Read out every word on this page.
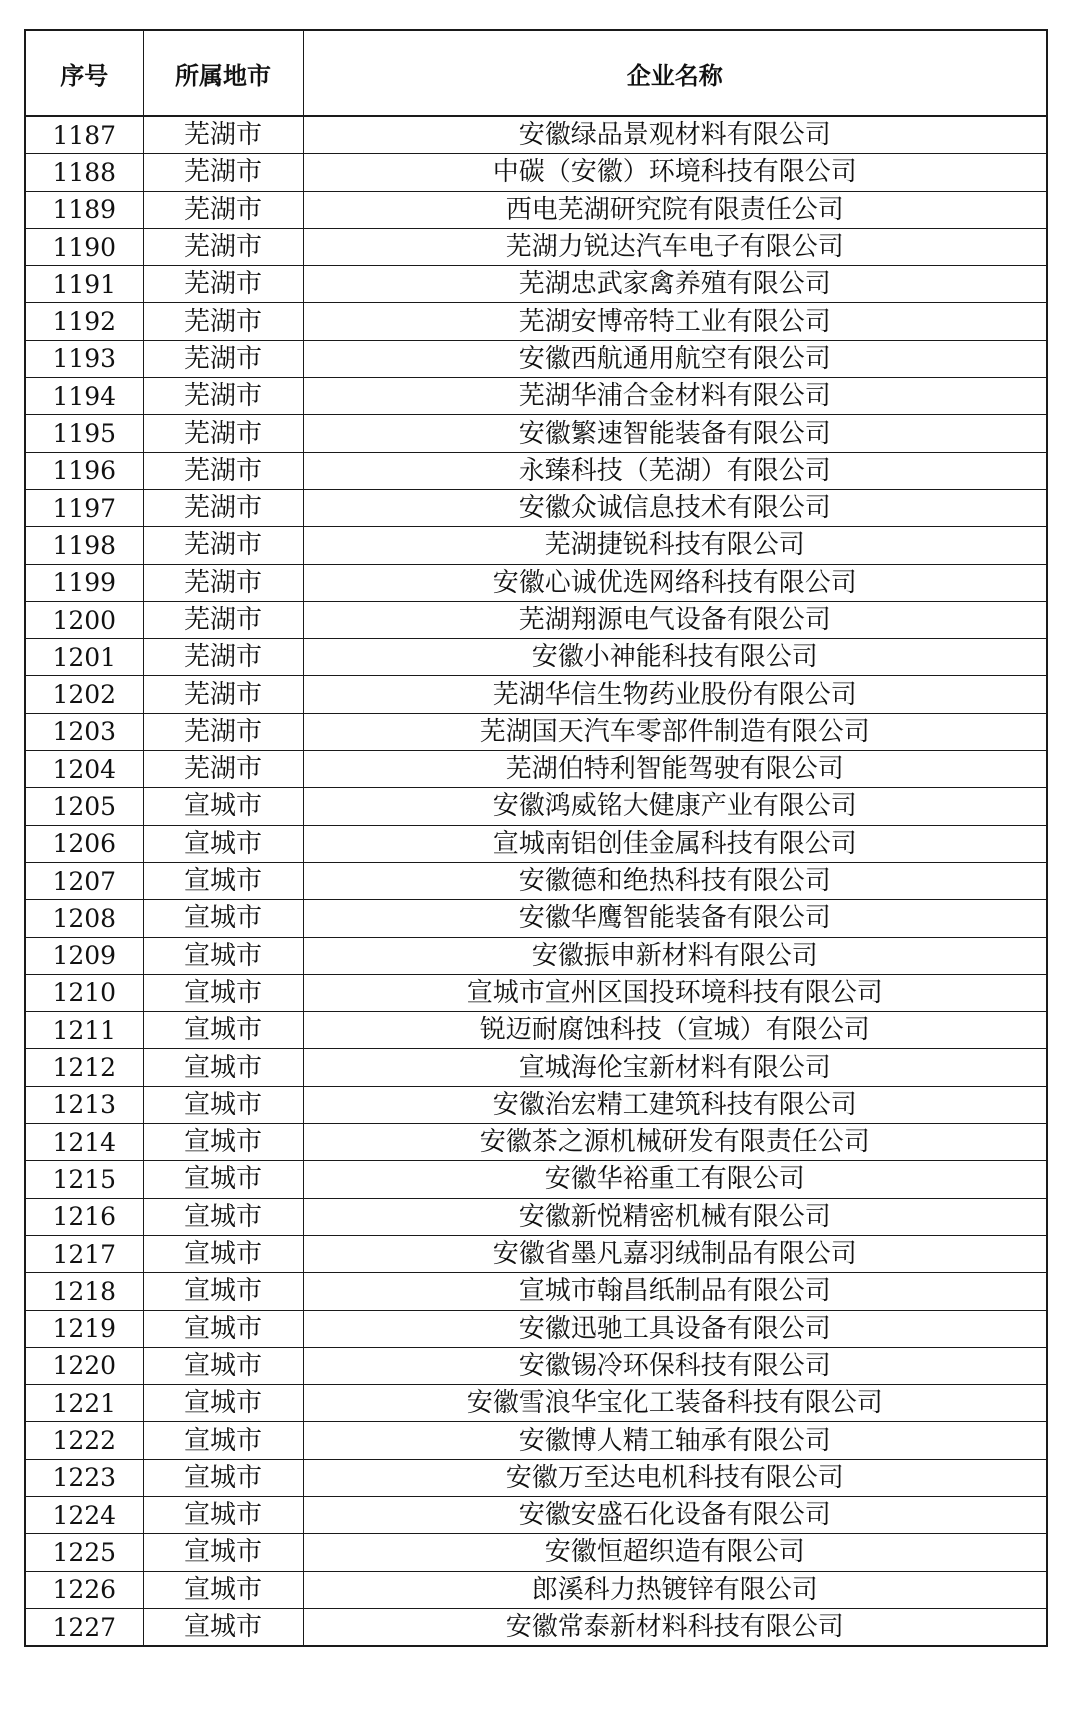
序号	所属地市	企业名称
1187	芜湖市	安徽绿品景观材料有限公司
1188	芜湖市	中碳（安徽）环境科技有限公司
1189	芜湖市	西电芜湖研究院有限责任公司
1190	芜湖市	芜湖力锐达汽车电子有限公司
1191	芜湖市	芜湖忠武家禽养殖有限公司
1192	芜湖市	芜湖安博帝特工业有限公司
1193	芜湖市	安徽西航通用航空有限公司
1194	芜湖市	芜湖华浦合金材料有限公司
1195	芜湖市	安徽繁速智能装备有限公司
1196	芜湖市	永臻科技（芜湖）有限公司
1197	芜湖市	安徽众诚信息技术有限公司
1198	芜湖市	芜湖捷锐科技有限公司
1199	芜湖市	安徽心诚优选网络科技有限公司
1200	芜湖市	芜湖翔源电气设备有限公司
1201	芜湖市	安徽小神能科技有限公司
1202	芜湖市	芜湖华信生物药业股份有限公司
1203	芜湖市	芜湖国天汽车零部件制造有限公司
1204	芜湖市	芜湖伯特利智能驾驶有限公司
1205	宣城市	安徽鸿威铭大健康产业有限公司
1206	宣城市	宣城南铝创佳金属科技有限公司
1207	宣城市	安徽德和绝热科技有限公司
1208	宣城市	安徽华鹰智能装备有限公司
1209	宣城市	安徽振申新材料有限公司
1210	宣城市	宣城市宣州区国投环境科技有限公司
1211	宣城市	锐迈耐腐蚀科技（宣城）有限公司
1212	宣城市	宣城海伦宝新材料有限公司
1213	宣城市	安徽治宏精工建筑科技有限公司
1214	宣城市	安徽茶之源机械研发有限责任公司
1215	宣城市	安徽华裕重工有限公司
1216	宣城市	安徽新悦精密机械有限公司
1217	宣城市	安徽省墨凡嘉羽绒制品有限公司
1218	宣城市	宣城市翰昌纸制品有限公司
1219	宣城市	安徽迅驰工具设备有限公司
1220	宣城市	安徽锡冷环保科技有限公司
1221	宣城市	安徽雪浪华宝化工装备科技有限公司
1222	宣城市	安徽博人精工轴承有限公司
1223	宣城市	安徽万至达电机科技有限公司
1224	宣城市	安徽安盛石化设备有限公司
1225	宣城市	安徽恒超织造有限公司
1226	宣城市	郎溪科力热镀锌有限公司
1227	宣城市	安徽常泰新材料科技有限公司
